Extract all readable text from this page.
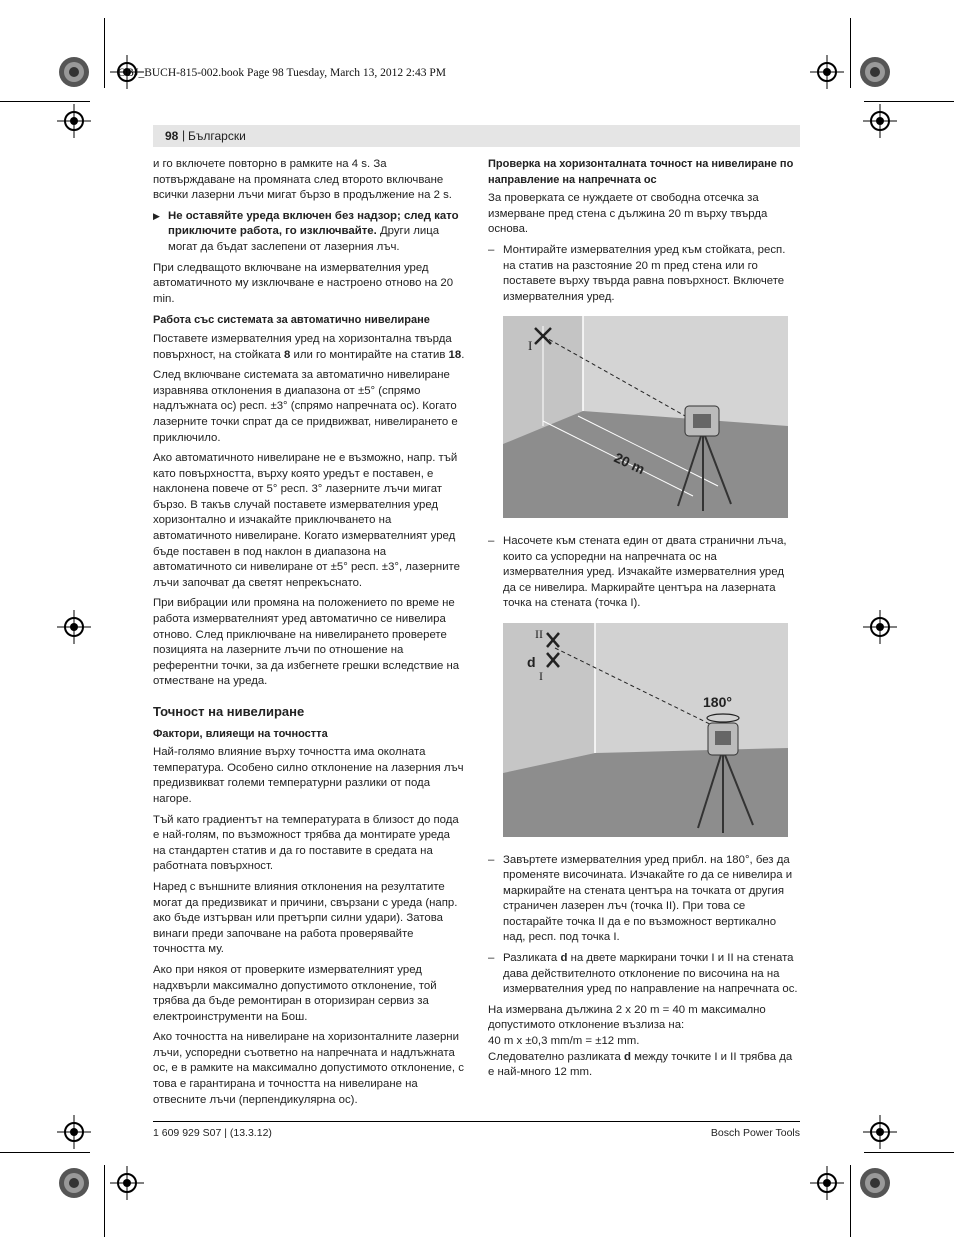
OBJ_BUCH-815-002.book Page 98 Tuesday, March 13, 2012 2:43 PM
98 | Български

и го включете повторно в рамките на 4 s. За потвърждаване на промяната след второто включване всички лазерни лъчи мигат бързо в продължение на 2 s.

▶ Не оставяйте уреда включен без надзор; след като приключите работа, го изключвайте. Други лица могат да бъдат заслепени от лазерния лъч.

При следващото включване на измервателния уред автоматичното му изключване е настроено отново на 20 min.

Работа със системата за автоматично нивелиране

Поставете измервателния уред на хоризонтална твърда повърхност, на стойката 8 или го монтирайте на статив 18.

След включване системата за автоматично нивелиране изравнява отклонения в диапазона от ±5° (спрямо надлъжната ос) респ. ±3° (спрямо напречната ос). Когато лазерните точки спрат да се придвижват, нивелирането е приключило.

Ако автоматичното нивелиране не е възможно, напр. тъй като повърхността, върху която уредът е поставен, е наклонена повече от 5° респ. 3° лазерните лъчи мигат бързо. В такъв случай поставете измервателния уред хоризонтално и изчакайте приключването на автоматичното нивелиране. Когато измервателният уред бъде поставен в под наклон в диапазона на автоматичното си нивелиране от ±5° респ. ±3°, лазерните лъчи започват да светят непрекъснато.

При вибрации или промяна на положението по време не работа измервателният уред автоматично се нивелира отново. След приключване на нивелирането проверете позицията на лазерните лъчи по отношение на референтни точки, за да избегнете грешки вследствие на отместване на уреда.

Точност на нивелиране
Фактори, влияещи на точността

Най-голямо влияние върху точността има околната температура. Особено силно отклонение на лазерния лъч предизвикват големи температурни разлики от пода нагоре.

Тъй като градиентът на температурата в близост до пода е най-голям, по възможност трябва да монтирате уреда на стандартен статив и да го поставите в средата на работната повърхност.

Наред с външните влияния отклонения на резултатите могат да предизвикат и причини, свързани с уреда (напр. ако бъде изтърван или претърпи силни удари). Затова винаги преди започване на работа проверявайте точността му.

Ако при някоя от проверките измервателният уред надхвърли максимално допустимото отклонение, той трябва да бъде ремонтиран в оторизиран сервиз за електроинструменти на Бош.

Ако точността на нивелиране на хоризонталните лазерни лъчи, успоредни съответно на напречната и надлъжната ос, е в рамките на максимално допустимото отклонение, с това е гарантирана и точността на нивелиране на отвесните лъчи (перпендикулярна ос).

Проверка на хоризонталната точност на нивелиране по направление на напречната ос

За проверката се нуждаете от свободна отсечка за измерване пред стена с дължина 20 m върху твърда основа.

– Монтирайте измервателния уред към стойката, респ. на статив на разстояние 20 m пред стена или го поставете върху твърда равна повърхност. Включете измервателния уред.

I
20 m

– Насочете към стената един от двата странични лъча, които са успоредни на напречната ос на измервателния уред. Изчакайте измервателния уред да се нивелира. Маркирайте центъра на лазерната точка на стената (точка I).

II
I
d
180°

– Завъртете измервателния уред прибл. на 180°, без да променяте височината. Изчакайте го да се нивелира и маркирайте на стената центъра на точката от другия страничен лазерен лъч (точка II). При това се постарайте точка II да е по възможност вертикално над, респ. под точка I.

– Разликата d на двете маркирани точки I и II на стената дава действителното отклонение по височина на на измервателния уред по направление на напречната ос.

На измервана дължина 2 x 20 m = 40 m максимално допустимото отклонение възлиза на:

40 m x ±0,3 mm/m = ±12 mm.

Следователно разликата d между точките I и II трябва да е най-много 12 mm.

1 609 929 S07 | (13.3.12)	Bosch Power Tools
